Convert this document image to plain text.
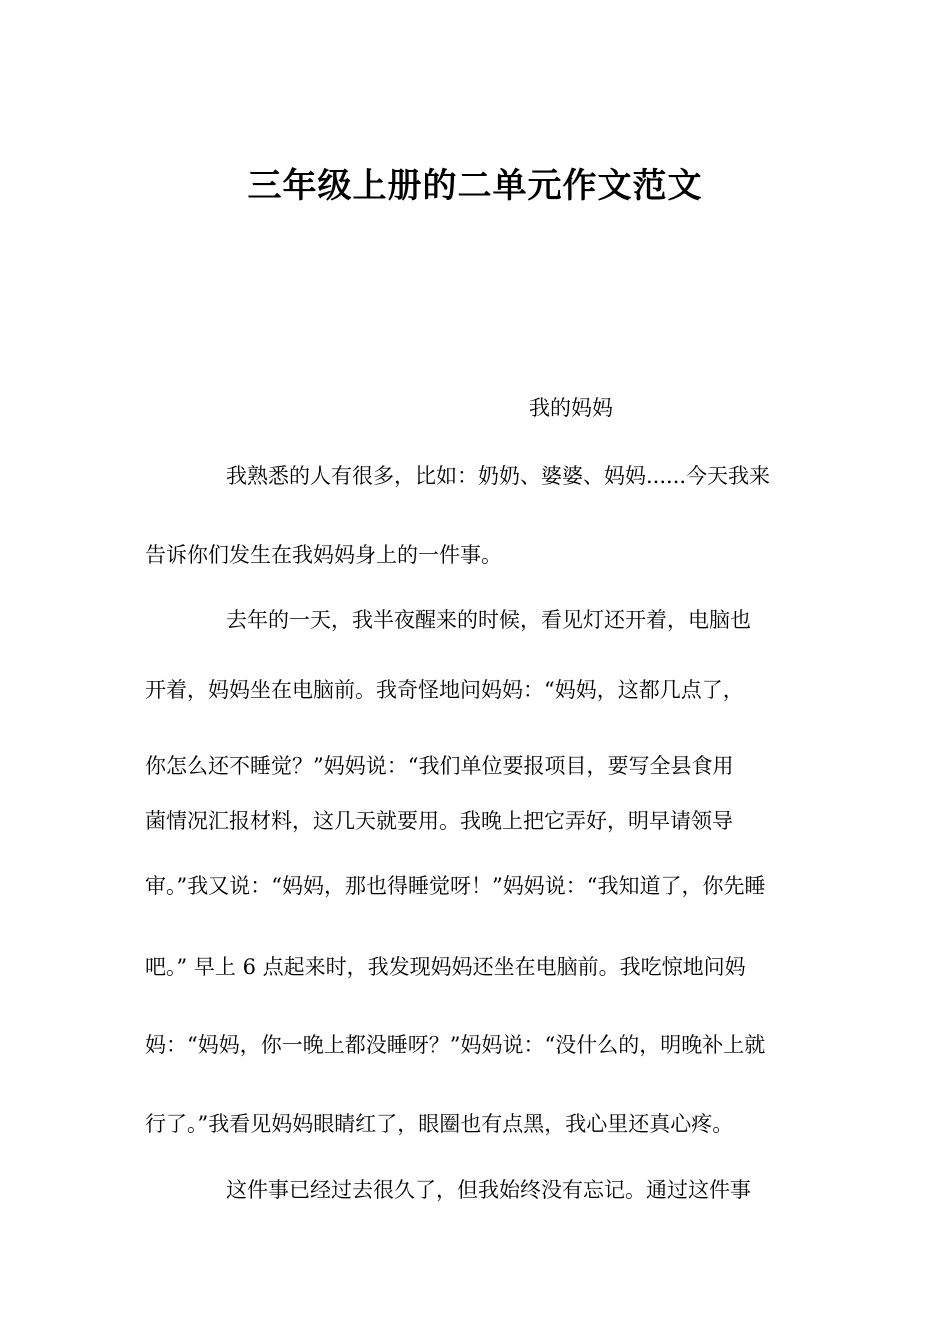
三年级上册的二单元作文范文
我的妈妈
我熟悉的人有很多，比如：奶奶、婆婆、妈妈......今天我来
告诉你们发生在我妈妈身上的一件事。
去年的一天，我半夜醒来的时候，看见灯还开着，电脑也
开着，妈妈坐在电脑前。我奇怪地问妈妈：“妈妈，这都几点了，
你怎么还不睡觉？”妈妈说：“我们单位要报项目，要写全县食用
菌情况汇报材料，这几天就要用。我晚上把它弄好，明早请领导
审。”我又说：“妈妈，那也得睡觉呀！”妈妈说：“我知道了，你先睡
吧。” 早上 6 点起来时，我发现妈妈还坐在电脑前。我吃惊地问妈
妈：“妈妈，你一晚上都没睡呀？”妈妈说：“没什么的，明晚补上就
行了。”我看见妈妈眼睛红了，眼圈也有点黑，我心里还真心疼。
这件事已经过去很久了，但我始终没有忘记。通过这件事
